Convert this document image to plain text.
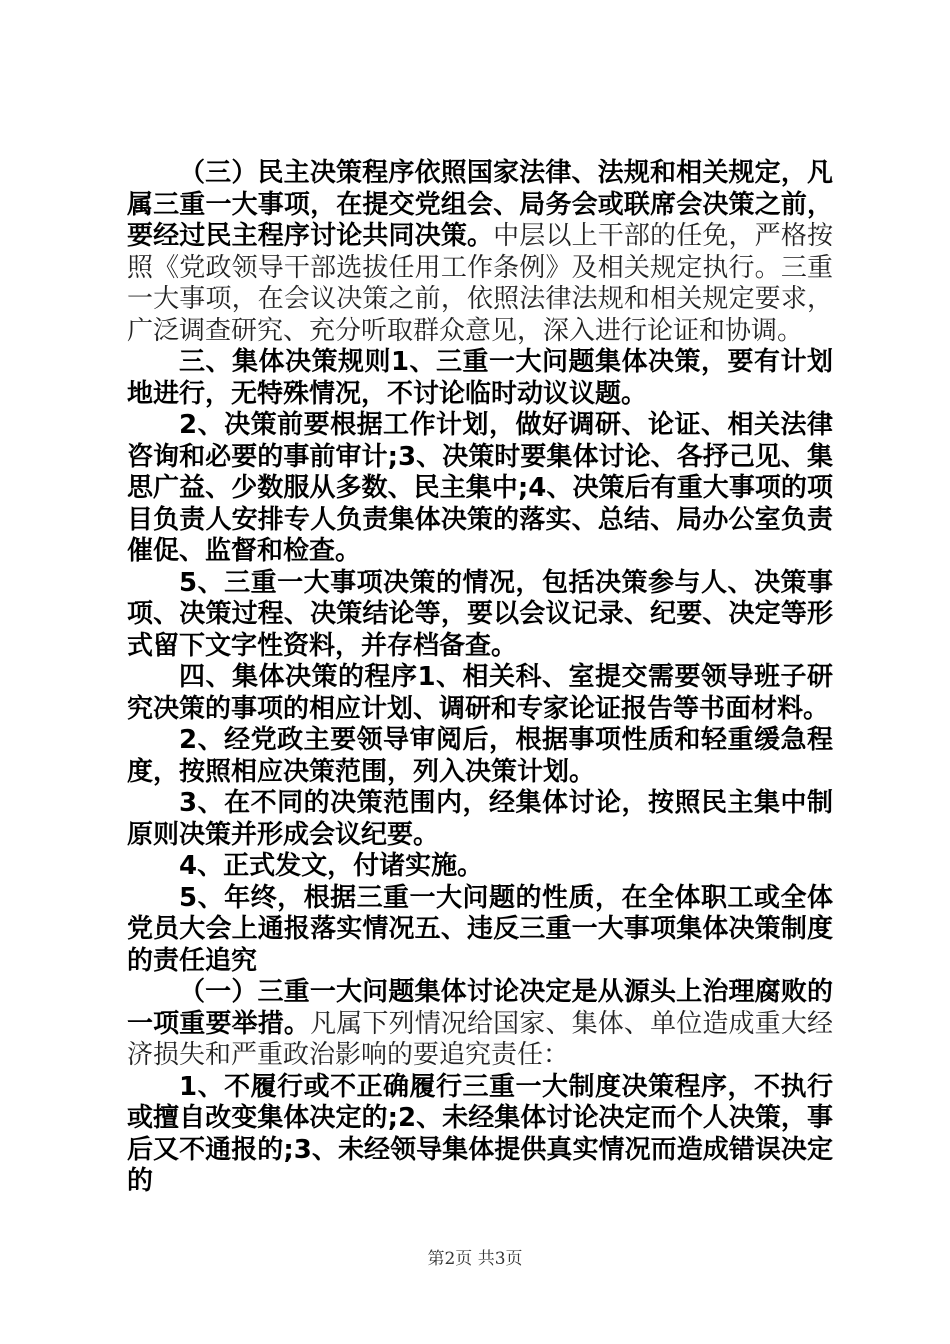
（三）民主决策程序依照国家法律、法规和相关规定，凡属三重一大事项，在提交党组会、局务会或联席会决策之前，要经过民主程序讨论共同决策。中层以上干部的任免，严格按照《党政领导干部选拔任用工作条例》及相关规定执行。三重一大事项，在会议决策之前，依照法律法规和相关规定要求，广泛调查研究、充分听取群众意见，深入进行论证和协调。

三、集体决策规则1、三重一大问题集体决策，要有计划地进行，无特殊情况，不讨论临时动议议题。

2、决策前要根据工作计划，做好调研、论证、相关法律咨询和必要的事前审计;3、决策时要集体讨论、各抒己见、集思广益、少数服从多数、民主集中;4、决策后有重大事项的项目负责人安排专人负责集体决策的落实、总结、局办公室负责催促、监督和检查。

5、三重一大事项决策的情况，包括决策参与人、决策事项、决策过程、决策结论等，要以会议记录、纪要、决定等形式留下文字性资料，并存档备查。

四、集体决策的程序1、相关科、室提交需要领导班子研究决策的事项的相应计划、调研和专家论证报告等书面材料。

2、经党政主要领导审阅后，根据事项性质和轻重缓急程度，按照相应决策范围，列入决策计划。

3、在不同的决策范围内，经集体讨论，按照民主集中制原则决策并形成会议纪要。

4、正式发文，付诸实施。

5、年终，根据三重一大问题的性质，在全体职工或全体党员大会上通报落实情况五、违反三重一大事项集体决策制度的责任追究

（一）三重一大问题集体讨论决定是从源头上治理腐败的一项重要举措。凡属下列情况给国家、集体、单位造成重大经济损失和严重政治影响的要追究责任：

1、不履行或不正确履行三重一大制度决策程序，不执行或擅自改变集体决定的;2、未经集体讨论决定而个人决策，事后又不通报的;3、未经领导集体提供真实情况而造成错误决定的

第2页 共3页
